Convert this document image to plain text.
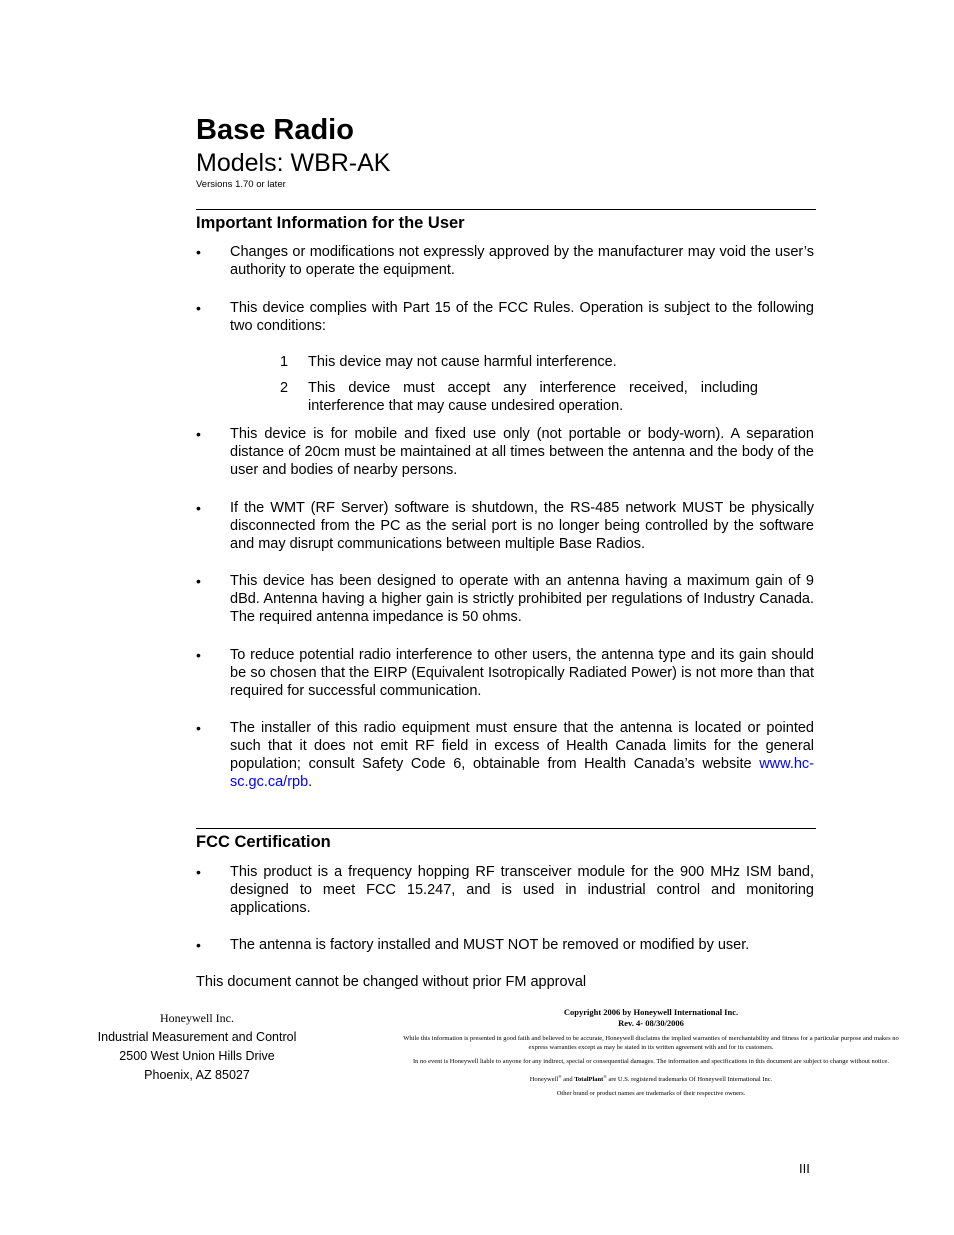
Base Radio
Models: WBR-AK
Versions 1.70 or later
Important Information for the User
•	Changes or modifications not expressly approved by the manufacturer may void the user’s authority to operate the equipment.
•	This device complies with Part 15 of the FCC Rules. Operation is subject to the following two conditions:
1 This device may not cause harmful interference.
2 This device must accept any interference received, including interference that may cause undesired operation.
•	This device is for mobile and fixed use only (not portable or body-worn). A separation distance of 20cm must be maintained at all times between the antenna and the body of the user and bodies of nearby persons.
•	If the WMT (RF Server) software is shutdown, the RS-485 network MUST be physically disconnected from the PC as the serial port is no longer being controlled by the software and may disrupt communications between multiple Base Radios.
•	This device has been designed to operate with an antenna having a maximum gain of 9 dBd. Antenna having a higher gain is strictly prohibited per regulations of Industry Canada. The required antenna impedance is 50 ohms.
•	To reduce potential radio interference to other users, the antenna type and its gain should be so chosen that the EIRP (Equivalent Isotropically Radiated Power) is not more than that required for successful communication.
•	The installer of this radio equipment must ensure that the antenna is located or pointed such that it does not emit RF field in excess of Health Canada limits for the general population; consult Safety Code 6, obtainable from Health Canada’s website www.hc-sc.gc.ca/rpb.
FCC Certification
•	This product is a frequency hopping RF transceiver module for the 900 MHz ISM band, designed to meet FCC 15.247, and is used in industrial control and monitoring applications.
•	The antenna is factory installed and MUST NOT be removed or modified by user.
This document cannot be changed without prior FM approval
Honeywell Inc.
Industrial Measurement and Control
2500 West Union Hills Drive
Phoenix, AZ 85027

Copyright 2006 by Honeywell International Inc.

Rev. 4- 08/30/2006

While this information is presented in good faith and believed to be accurate, Honeywell disclaims the implied warranties of merchantability and fitness for a particular purpose and makes no express warranties except as may be stated in its written agreement with and for its customers.

In no event is Honeywell liable to anyone for any indirect, special or consequential damages. The information and specifications in this document are subject to change without notice.

Honeywell® and TotalPlant® are U.S. registered trademarks Of Honeywell International Inc.

Other brand or product names are trademarks of their respective owners.

III
